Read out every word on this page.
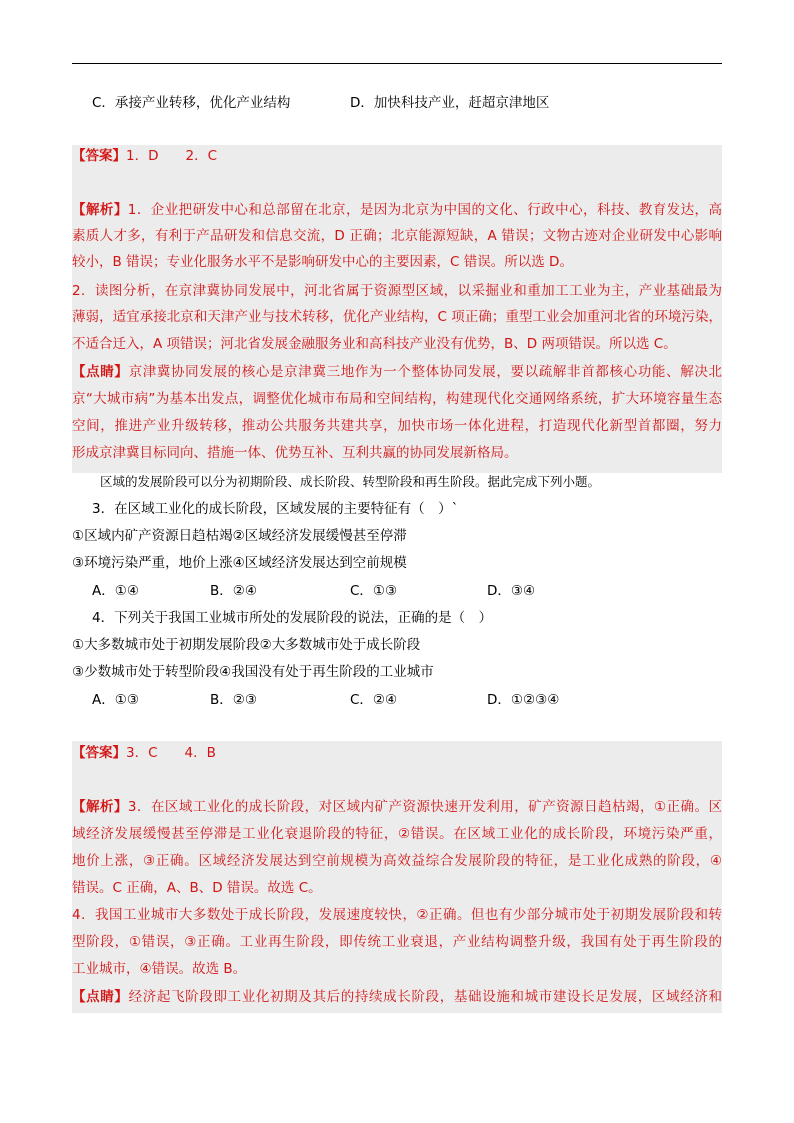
C．承接产业转移，优化产业结构	D．加快科技产业，赶超京津地区
【答案】1．D　　2．C
【解析】1．企业把研发中心和总部留在北京，是因为北京为中国的文化、行政中心，科技、教育发达，高
素质人才多，有利于产品研发和信息交流，D 正确；北京能源短缺，A 错误；文物古迹对企业研发中心影响
较小，B 错误；专业化服务水平不是影响研发中心的主要因素，C 错误。所以选 D。
2．读图分析，在京津冀协同发展中，河北省属于资源型区域，以采掘业和重加工工业为主，产业基础最为
薄弱，适宜承接北京和天津产业与技术转移，优化产业结构，C 项正确；重型工业会加重河北省的环境污染，
不适合迁入，A 项错误；河北省发展金融服务业和高科技产业没有优势，B、D 两项错误。所以选 C。
【点睛】京津冀协同发展的核心是京津冀三地作为一个整体协同发展，要以疏解非首都核心功能、解决北
京“大城市病”为基本出发点，调整优化城市布局和空间结构，构建现代化交通网络系统，扩大环境容量生态
空间，推进产业升级转移，推动公共服务共建共享，加快市场一体化进程，打造现代化新型首都圈，努力
形成京津冀目标同向、措施一体、优势互补、互利共赢的协同发展新格局。
区域的发展阶段可以分为初期阶段、成长阶段、转型阶段和再生阶段。据此完成下列小题。
3．在区域工业化的成长阶段，区域发展的主要特征有（　）`
①区域内矿产资源日趋枯竭②区域经济发展缓慢甚至停滞
③环境污染严重，地价上涨④区域经济发展达到空前规模
A．①④	B．②④	C．①③	D．③④
4．下列关于我国工业城市所处的发展阶段的说法，正确的是（　）
①大多数城市处于初期发展阶段②大多数城市处于成长阶段
③少数城市处于转型阶段④我国没有处于再生阶段的工业城市
A．①③	B．②③	C．②④	D．①②③④
【答案】3．C　　4．B
【解析】3．在区域工业化的成长阶段，对区域内矿产资源快速开发利用，矿产资源日趋枯竭，①正确。区
域经济发展缓慢甚至停滞是工业化衰退阶段的特征，②错误。在区域工业化的成长阶段，环境污染严重，
地价上涨，③正确。区域经济发展达到空前规模为高效益综合发展阶段的特征，是工业化成熟的阶段，④
错误。C 正确，A、B、D 错误。故选 C。
4．我国工业城市大多数处于成长阶段，发展速度较快，②正确。但也有少部分城市处于初期发展阶段和转
型阶段，①错误，③正确。工业再生阶段，即传统工业衰退，产业结构调整升级，我国有处于再生阶段的
工业城市，④错误。故选 B。
【点睛】经济起飞阶段即工业化初期及其后的持续成长阶段，基础设施和城市建设长足发展，区域经济和
